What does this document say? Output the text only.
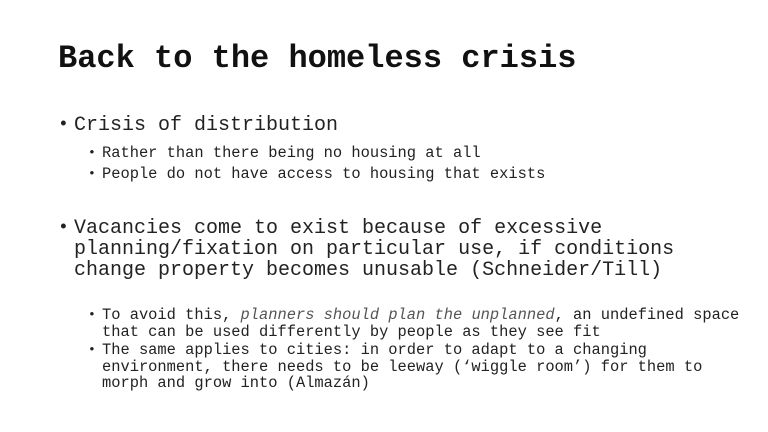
Back to the homeless crisis
• Crisis of distribution
• Rather than there being no housing at all
• People do not have access to housing that exists
• Vacancies come to exist because of excessive planning/fixation on particular use, if conditions change property becomes unusable (Schneider/Till)
• To avoid this, planners should plan the unplanned, an undefined space that can be used differently by people as they see fit
• The same applies to cities: in order to adapt to a changing environment, there needs to be leeway (‘wiggle room’) for them to morph and grow into (Almazán)
